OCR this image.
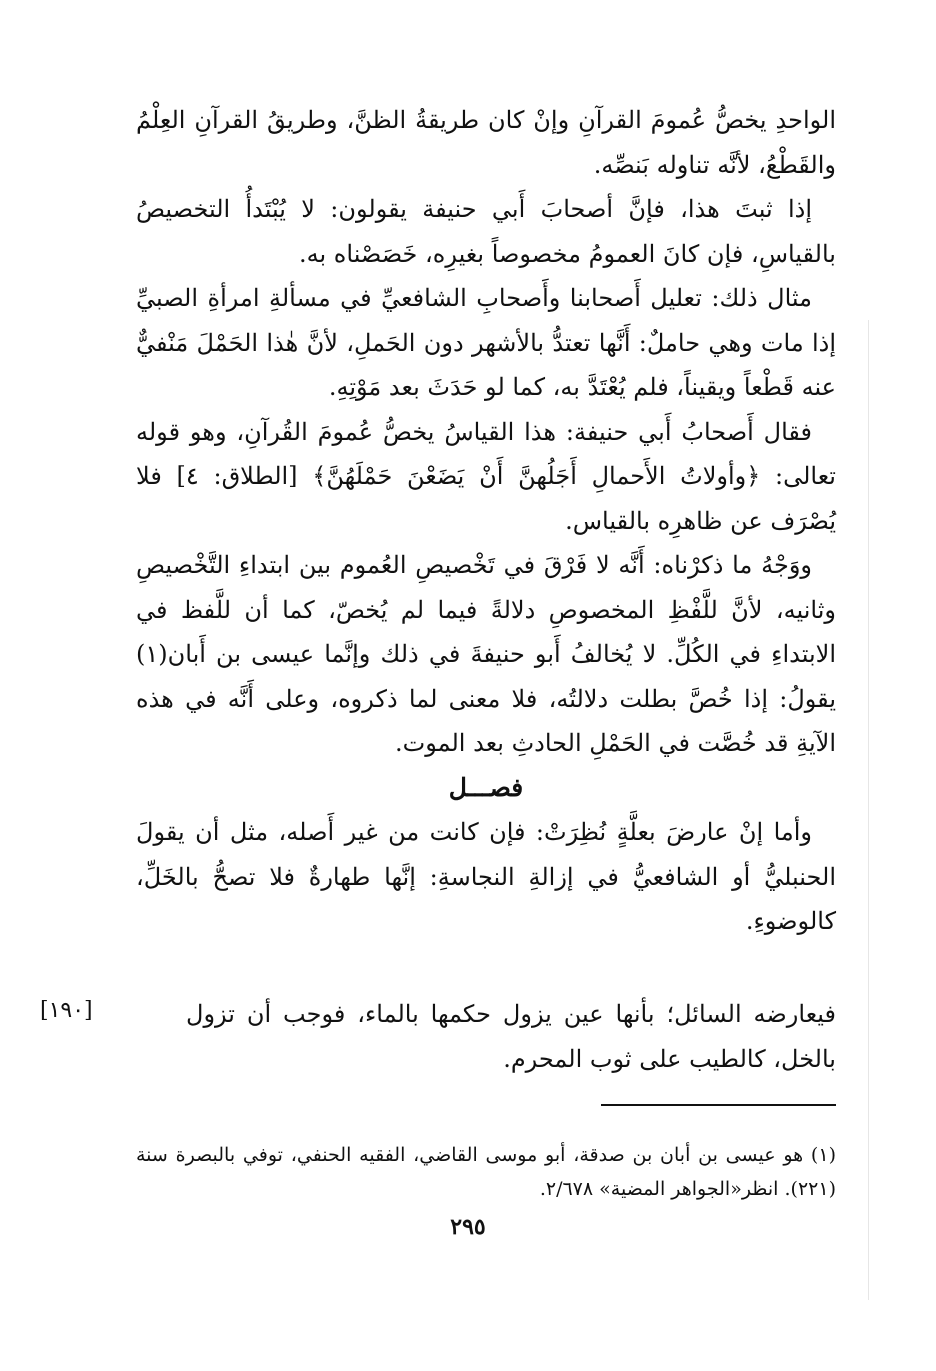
الواحدِ يخصُّ عُمومَ القرآنِ وإنْ كان طريقةُ الظنَّ، وطريقُ القرآنِ العِلْمُ والقَطْعُ، لأنَّه تناوله بَنصِّه.

إذا ثبتَ هذا، فإنَّ أصحابَ أَبي حنيفة يقولون: لا يُبْتَدأُ التخصيصُ بالقياسِ، فإن كانَ العمومُ مخصوصاً بغيرِه، خَصَصْناه به.

مثال ذلك: تعليل أَصحابنا وأَصحابِ الشافعيِّ في مسألةِ امرأةِ الصبيِّ إذا مات وهي حاملٌ: أَنَّها تعتدُّ بالأشهر دون الحَملِ، لأنَّ هٰذا الحَمْلَ مَنْفيٌّ عنه قَطْعاً ويقيناً، فلم يُعْتَدَّ به، كما لو حَدَثَ بعد مَوْتِهِ.

فقال أَصحابُ أَبي حنيفة: هذا القياسُ يخصُّ عُمومَ القُرآنِ، وهو قوله تعالى: ﴿وأولاتُ الأَحمالِ أَجَلُهنَّ أَنْ يَضَعْنَ حَمْلَهُنَّ﴾ [الطلاق: ٤] فلا يُصْرَف عن ظاهرِه بالقياس.

ووَجْهُ ما ذكرْناه: أَنَّه لا فَرْقَ في تَخْصيصِ العُموم بين ابتداءِ التَّخْصيصِ وثانيه، لأنَّ للَّفْظِ المخصوصِ دلالةً فيما لم يُخصّ، كما أن للَّفظ في الابتداءِ في الكُلِّ. لا يُخالفُ أَبو حنيفةَ في ذلك وإنَّما عيسى بن أَبان(١) يقولُ: إذا خُصَّ بطلت دلالتُه، فلا معنى لما ذكروه، وعلى أَنَّه في هذه الآيةِ قد خُصَّت في الحَمْلِ الحادثِ بعد الموت.

فصـــل

وأما إنْ عارضَ بعلَّةٍ نُظِرَتْ: فإن كانت من غير أَصله، مثل أن يقولَ الحنبليُّ أو الشافعيُّ في إزالةِ النجاسةِ: إنَّها طهارةٌ فلا تصحُّ بالخَلِّ، كالوضوءِ.

[١٩٠]	فيعارضه السائل؛ بأنها عين يزول حكمها بالماء، فوجب أن تزول بالخل، كالطيب على ثوب المحرم.

(١) هو عيسى بن أبان بن صدقة، أبو موسى القاضي، الفقيه الحنفي، توفي بالبصرة سنة (٢٢١). انظر«الجواهر المضية» ٢/٦٧٨.

٢٩٥
